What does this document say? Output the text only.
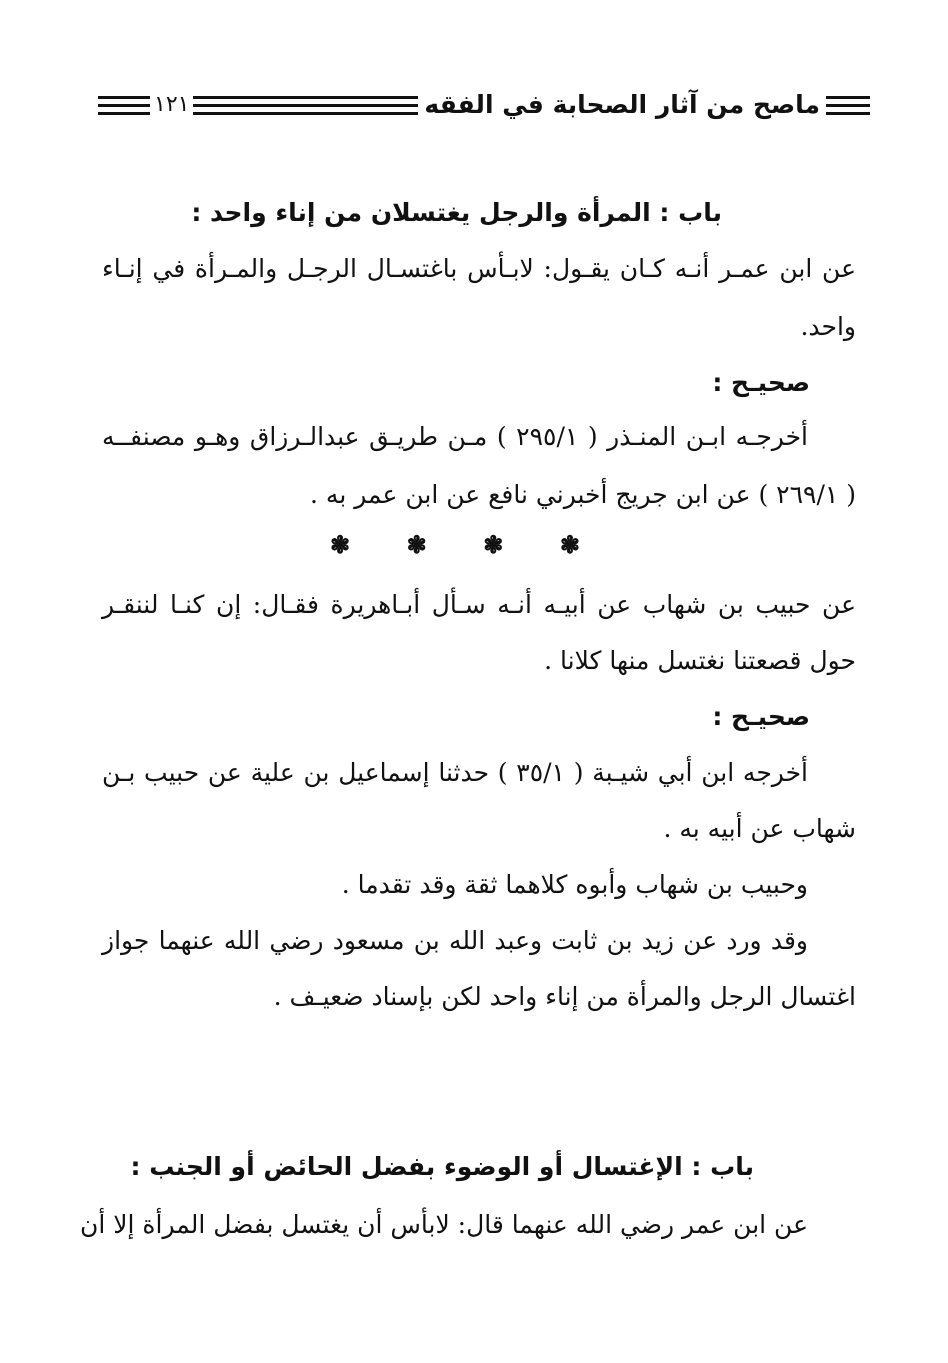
ماصح من آثار الصحابة في الفقه
١٢١
باب : المرأة والرجل يغتسلان من إناء واحد :
عن ابن عمـر أنـه كـان يقـول: لابـأس باغتسـال الرجـل والمـرأة في إنـاء
واحد.
صحيـح :
أخرجـه ابـن المنـذر ( ٢٩٥/١ ) مـن طريـق عبدالـرزاق وهـو مصنفــه
( ٢٦٩/١ ) عن ابن جريج أخبرني نافع عن ابن عمر به .
❃ ❃ ❃ ❃
عن حبيب بن شهاب عن أبيـه أنـه سـأل أبـاهريرة فقـال: إن كنـا لننقـر
حول قصعتنا نغتسل منها كلانا .
صحيـح :
أخرجه ابن أبي شيـبة ( ٣٥/١ ) حدثنا إسماعيل بن علية عن حبيب بـن
شهاب عن أبيه به .
وحبيب بن شهاب وأبوه كلاهما ثقة وقد تقدما .
وقد ورد عن زيد بن ثابت وعبد الله بن مسعود رضي الله عنهما جواز
اغتسال الرجل والمرأة من إناء واحد لكن بإسناد ضعيـف .
باب : الإغتسال أو الوضوء بفضل الحائض أو الجنب :
عن ابن عمر رضي الله عنهما قال: لابأس أن يغتسل بفضل المرأة إلا أن
